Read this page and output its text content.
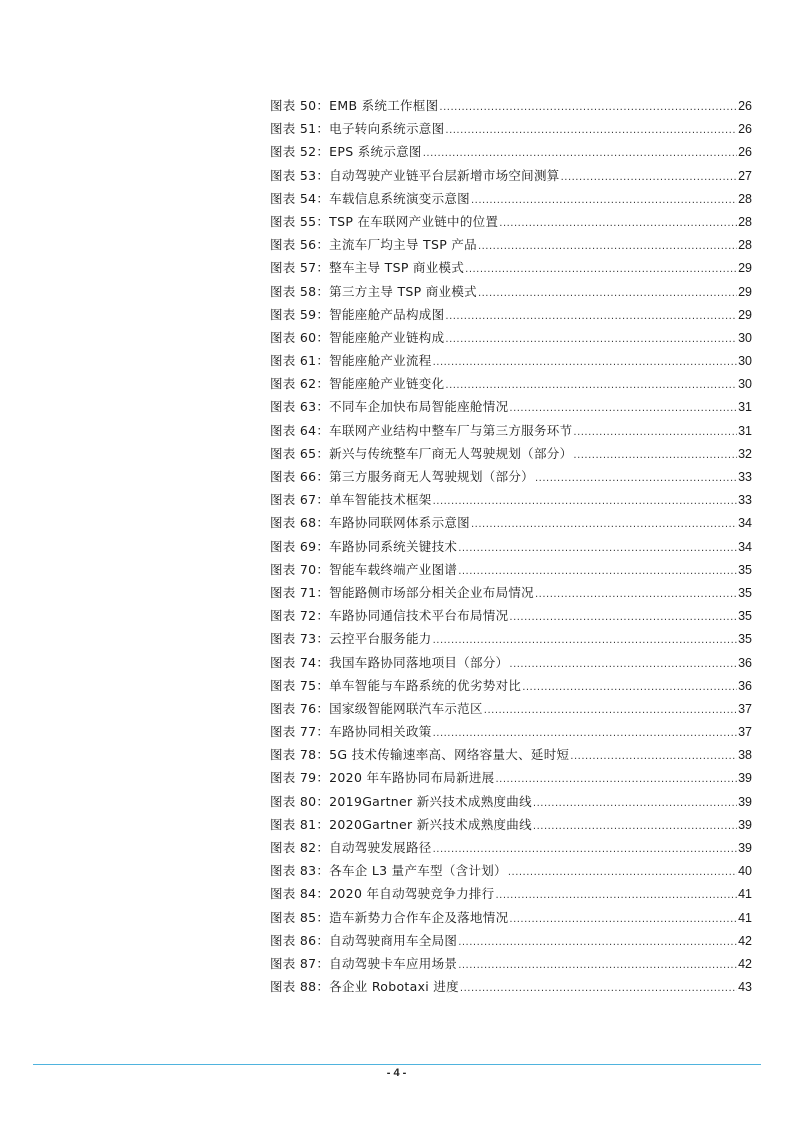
图表 50：EMB 系统工作框图 .....	26
图表 51：电子转向系统示意图 .....	26
图表 52：EPS 系统示意图 .....	26
图表 53：自动驾驶产业链平台层新增市场空间测算 .....	27
图表 54：车载信息系统演变示意图 .....	28
图表 55：TSP 在车联网产业链中的位置 .....	28
图表 56：主流车厂均主导 TSP 产品 .....	28
图表 57：整车主导 TSP 商业模式 .....	29
图表 58：第三方主导 TSP 商业模式 .....	29
图表 59：智能座舱产品构成图 .....	29
图表 60：智能座舱产业链构成 .....	30
图表 61：智能座舱产业流程 .....	30
图表 62：智能座舱产业链变化 .....	30
图表 63：不同车企加快布局智能座舱情况 .....	31
图表 64：车联网产业结构中整车厂与第三方服务环节 .....	31
图表 65：新兴与传统整车厂商无人驾驶规划（部分） .....	32
图表 66：第三方服务商无人驾驶规划（部分） .....	33
图表 67：单车智能技术框架 .....	33
图表 68：车路协同联网体系示意图 .....	34
图表 69：车路协同系统关键技术 .....	34
图表 70：智能车载终端产业图谱 .....	35
图表 71：智能路侧市场部分相关企业布局情况 .....	35
图表 72：车路协同通信技术平台布局情况 .....	35
图表 73：云控平台服务能力 .....	35
图表 74：我国车路协同落地项目（部分） .....	36
图表 75：单车智能与车路系统的优劣势对比 .....	36
图表 76：国家级智能网联汽车示范区 .....	37
图表 77：车路协同相关政策 .....	37
图表 78：5G 技术传输速率高、网络容量大、延时短 .....	38
图表 79：2020 年车路协同布局新进展 .....	39
图表 80：2019Gartner 新兴技术成熟度曲线 .....	39
图表 81：2020Gartner 新兴技术成熟度曲线 .....	39
图表 82：自动驾驶发展路径 .....	39
图表 83：各车企 L3 量产车型（含计划） .....	40
图表 84：2020 年自动驾驶竞争力排行 .....	41
图表 85：造车新势力合作车企及落地情况 .....	41
图表 86：自动驾驶商用车全局图 .....	42
图表 87：自动驾驶卡车应用场景 .....	42
图表 88：各企业 Robotaxi 进度 .....	43
- 4 -
